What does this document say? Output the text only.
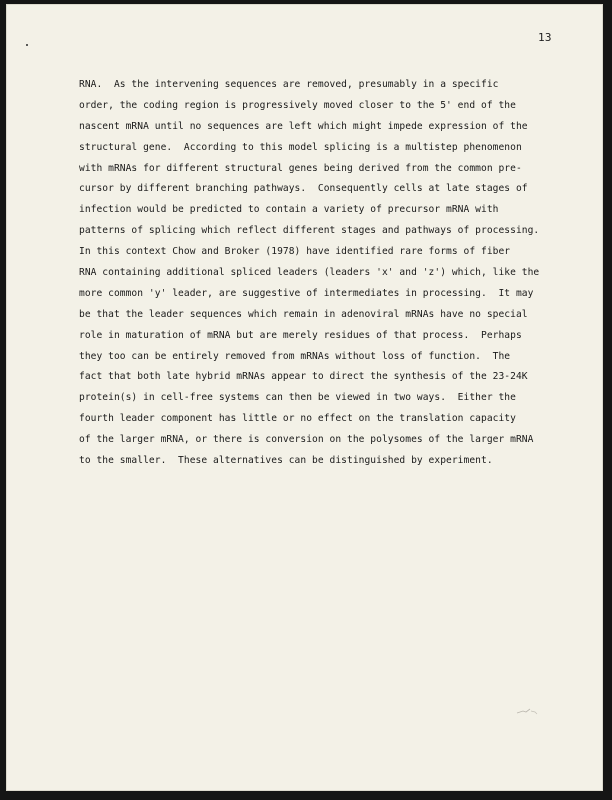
13
RNA.  As the intervening sequences are removed, presumably in a specific
order, the coding region is progressively moved closer to the 5' end of the
nascent mRNA until no sequences are left which might impede expression of the
structural gene.  According to this model splicing is a multistep phenomenon
with mRNAs for different structural genes being derived from the common pre-
cursor by different branching pathways.  Consequently cells at late stages of
infection would be predicted to contain a variety of precursor mRNA with
patterns of splicing which reflect different stages and pathways of processing.
In this context Chow and Broker (1978) have identified rare forms of fiber
RNA containing additional spliced leaders (leaders 'x' and 'z') which, like the
more common 'y' leader, are suggestive of intermediates in processing.  It may
be that the leader sequences which remain in adenoviral mRNAs have no special
role in maturation of mRNA but are merely residues of that process.  Perhaps
they too can be entirely removed from mRNAs without loss of function.  The
fact that both late hybrid mRNAs appear to direct the synthesis of the 23-24K
protein(s) in cell-free systems can then be viewed in two ways.  Either the
fourth leader component has little or no effect on the translation capacity
of the larger mRNA, or there is conversion on the polysomes of the larger mRNA
to the smaller.  These alternatives can be distinguished by experiment.
